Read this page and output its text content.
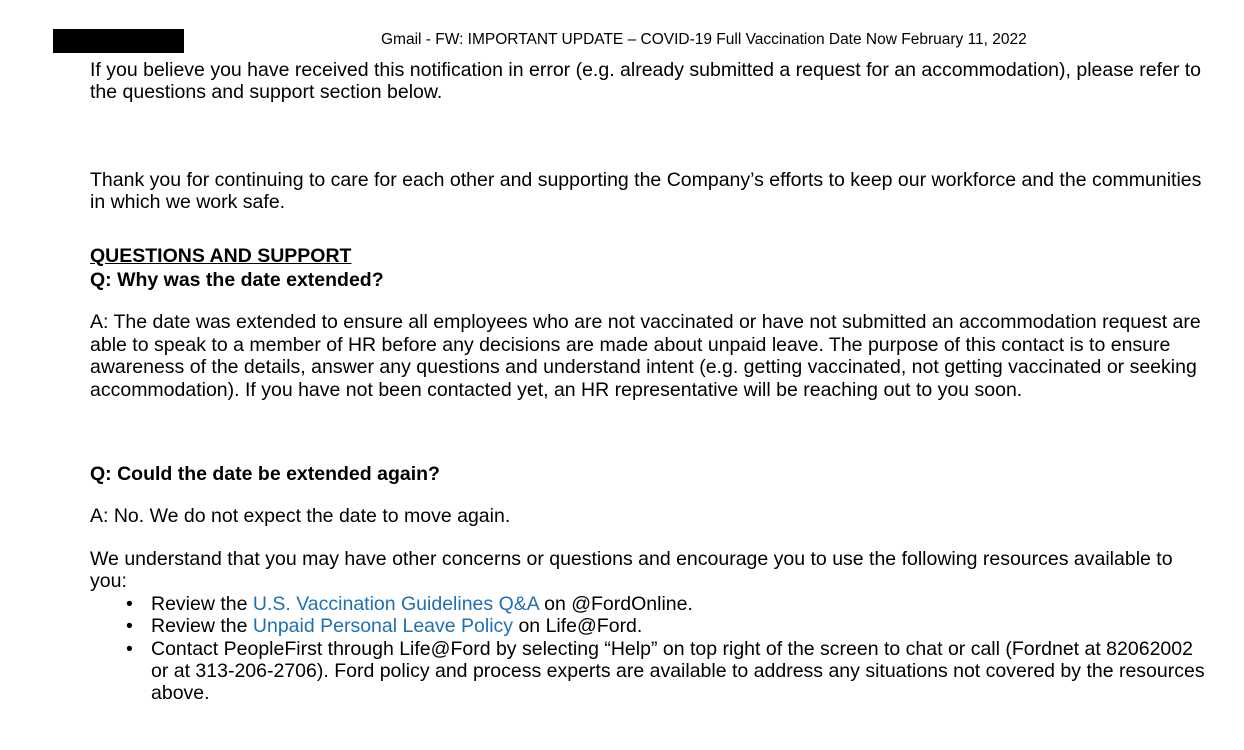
Gmail - FW: IMPORTANT UPDATE – COVID-19 Full Vaccination Date Now February 11, 2022

If you believe you have received this notification in error (e.g. already submitted a request for an accommodation), please refer to the questions and support section below.

Thank you for continuing to care for each other and supporting the Company’s efforts to keep our workforce and the communities in which we work safe.

QUESTIONS AND SUPPORT

Q: Why was the date extended?

A: The date was extended to ensure all employees who are not vaccinated or have not submitted an accommodation request are able to speak to a member of HR before any decisions are made about unpaid leave. The purpose of this contact is to ensure awareness of the details, answer any questions and understand intent (e.g. getting vaccinated, not getting vaccinated or seeking accommodation). If you have not been contacted yet, an HR representative will be reaching out to you soon.

Q: Could the date be extended again?

A: No. We do not expect the date to move again.

We understand that you may have other concerns or questions and encourage you to use the following resources available to you:

• Review the U.S. Vaccination Guidelines Q&A on @FordOnline.
• Review the Unpaid Personal Leave Policy on Life@Ford.
• Contact PeopleFirst through Life@Ford by selecting “Help” on top right of the screen to chat or call (Fordnet at 82062002 or at 313-206-2706). Ford policy and process experts are available to address any situations not covered by the resources above.
